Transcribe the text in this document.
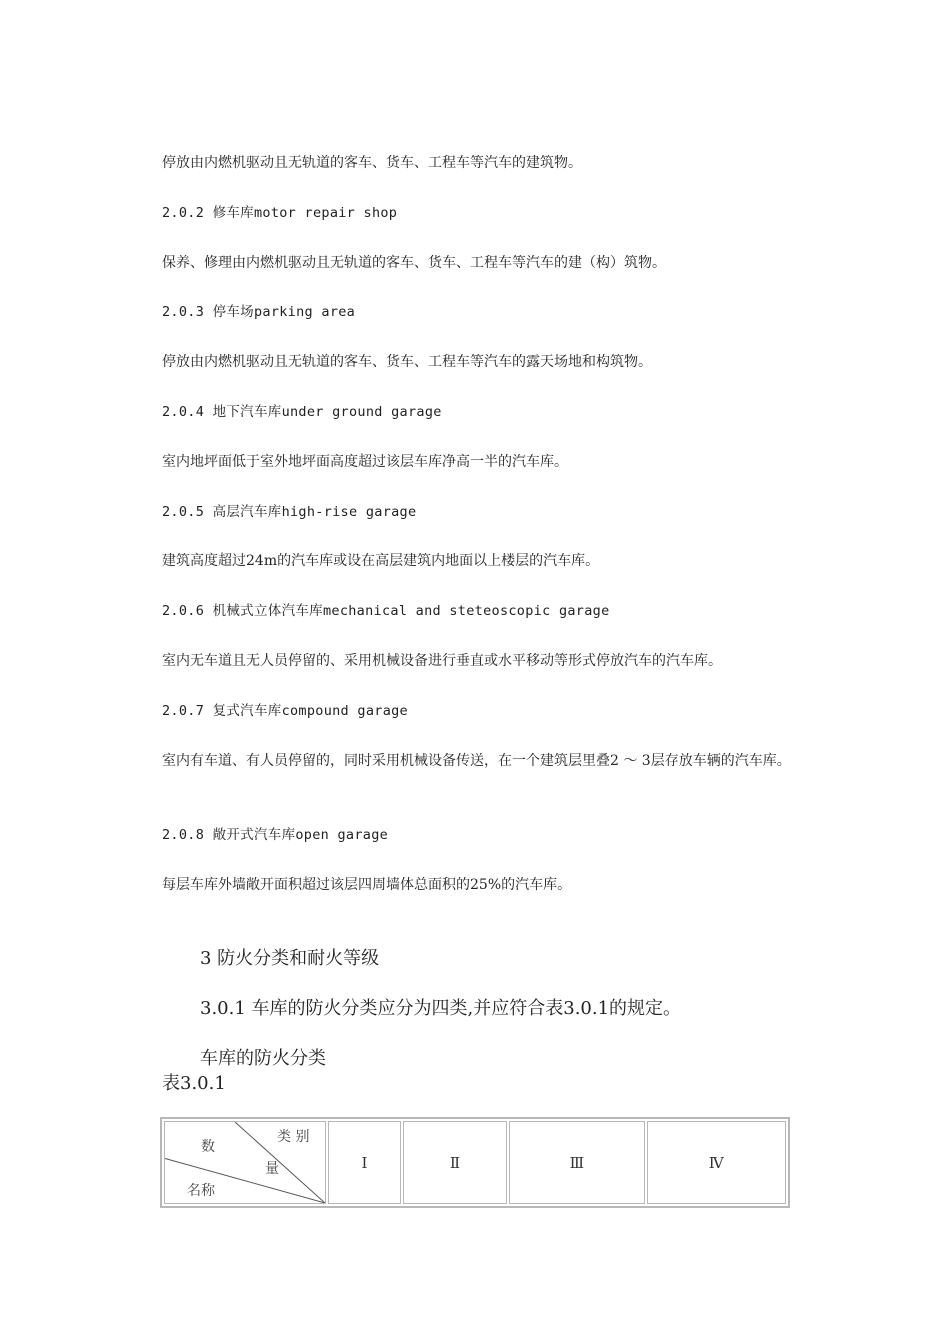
停放由内燃机驱动且无轨道的客车、货车、工程车等汽车的建筑物。
2.0.2 修车库motor repair shop
保养、修理由内燃机驱动且无轨道的客车、货车、工程车等汽车的建（构）筑物。
2.0.3 停车场parking area
停放由内燃机驱动且无轨道的客车、货车、工程车等汽车的露天场地和构筑物。
2.0.4 地下汽车库under ground garage
室内地坪面低于室外地坪面高度超过该层车库净高一半的汽车库。
2.0.5 高层汽车库high-rise garage
建筑高度超过24m的汽车库或设在高层建筑内地面以上楼层的汽车库。
2.0.6 机械式立体汽车库mechanical and steteoscopic garage
室内无车道且无人员停留的、采用机械设备进行垂直或水平移动等形式停放汽车的汽车库。
2.0.7 复式汽车库compound garage
室内有车道、有人员停留的，同时采用机械设备传送，在一个建筑层里叠2 ～ 3层存放车辆的汽车库。
2.0.8 敞开式汽车库open garage
每层车库外墙敞开面积超过该层四周墙体总面积的25%的汽车库。
3 防火分类和耐火等级
3.0.1 车库的防火分类应分为四类,并应符合表3.0.1的规定。
车库的防火分类
表3.0.1
类 别
数
量
名称
	Ⅰ	Ⅱ	Ⅲ	Ⅳ
